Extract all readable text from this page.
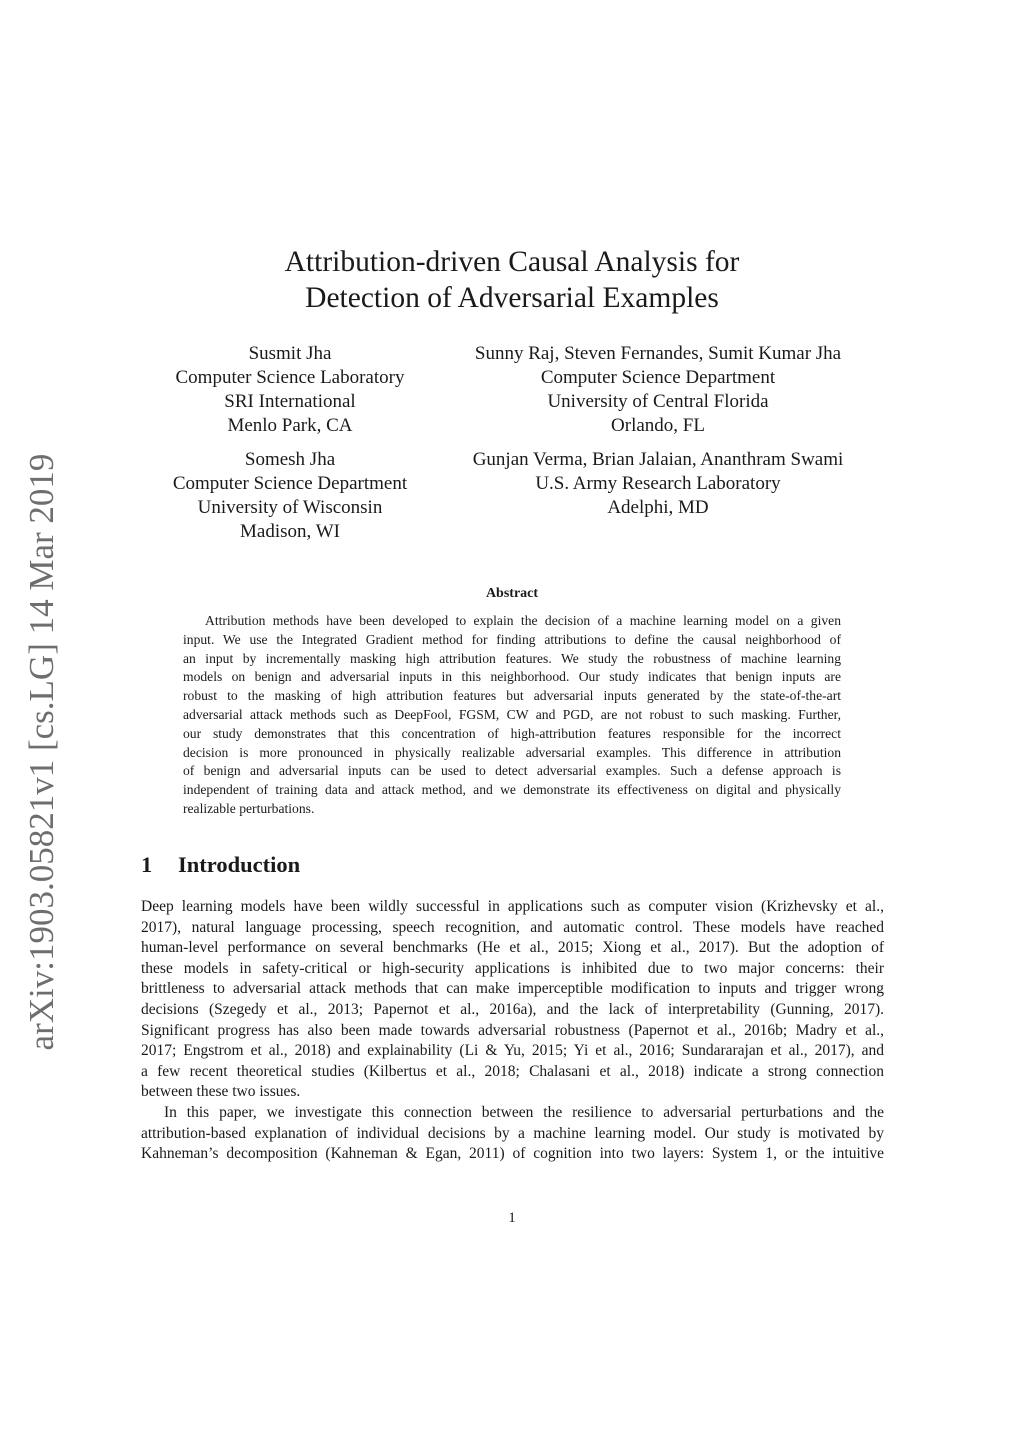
arXiv:1903.05821v1 [cs.LG] 14 Mar 2019
Attribution-driven Causal Analysis for
Detection of Adversarial Examples
Susmit Jha
Computer Science Laboratory
SRI International
Menlo Park, CA
Sunny Raj, Steven Fernandes, Sumit Kumar Jha
Computer Science Department
University of Central Florida
Orlando, FL
Somesh Jha
Computer Science Department
University of Wisconsin
Madison, WI
Gunjan Verma, Brian Jalaian, Ananthram Swami
U.S. Army Research Laboratory
Adelphi, MD
Abstract
Attribution methods have been developed to explain the decision of a machine learning model on a given
input. We use the Integrated Gradient method for finding attributions to define the causal neighborhood of
an input by incrementally masking high attribution features. We study the robustness of machine learning
models on benign and adversarial inputs in this neighborhood. Our study indicates that benign inputs are
robust to the masking of high attribution features but adversarial inputs generated by the state-of-the-art
adversarial attack methods such as DeepFool, FGSM, CW and PGD, are not robust to such masking. Further,
our study demonstrates that this concentration of high-attribution features responsible for the incorrect
decision is more pronounced in physically realizable adversarial examples. This difference in attribution
of benign and adversarial inputs can be used to detect adversarial examples. Such a defense approach is
independent of training data and attack method, and we demonstrate its effectiveness on digital and physically
realizable perturbations.
1 Introduction
Deep learning models have been wildly successful in applications such as computer vision (Krizhevsky et al.,
2017), natural language processing, speech recognition, and automatic control. These models have reached
human-level performance on several benchmarks (He et al., 2015; Xiong et al., 2017). But the adoption of
these models in safety-critical or high-security applications is inhibited due to two major concerns: their
brittleness to adversarial attack methods that can make imperceptible modification to inputs and trigger wrong
decisions (Szegedy et al., 2013; Papernot et al., 2016a), and the lack of interpretability (Gunning, 2017).
Significant progress has also been made towards adversarial robustness (Papernot et al., 2016b; Madry et al.,
2017; Engstrom et al., 2018) and explainability (Li & Yu, 2015; Yi et al., 2016; Sundararajan et al., 2017), and
a few recent theoretical studies (Kilbertus et al., 2018; Chalasani et al., 2018) indicate a strong connection
between these two issues.
In this paper, we investigate this connection between the resilience to adversarial perturbations and the
attribution-based explanation of individual decisions by a machine learning model. Our study is motivated by
Kahneman’s decomposition (Kahneman & Egan, 2011) of cognition into two layers: System 1, or the intuitive
1
